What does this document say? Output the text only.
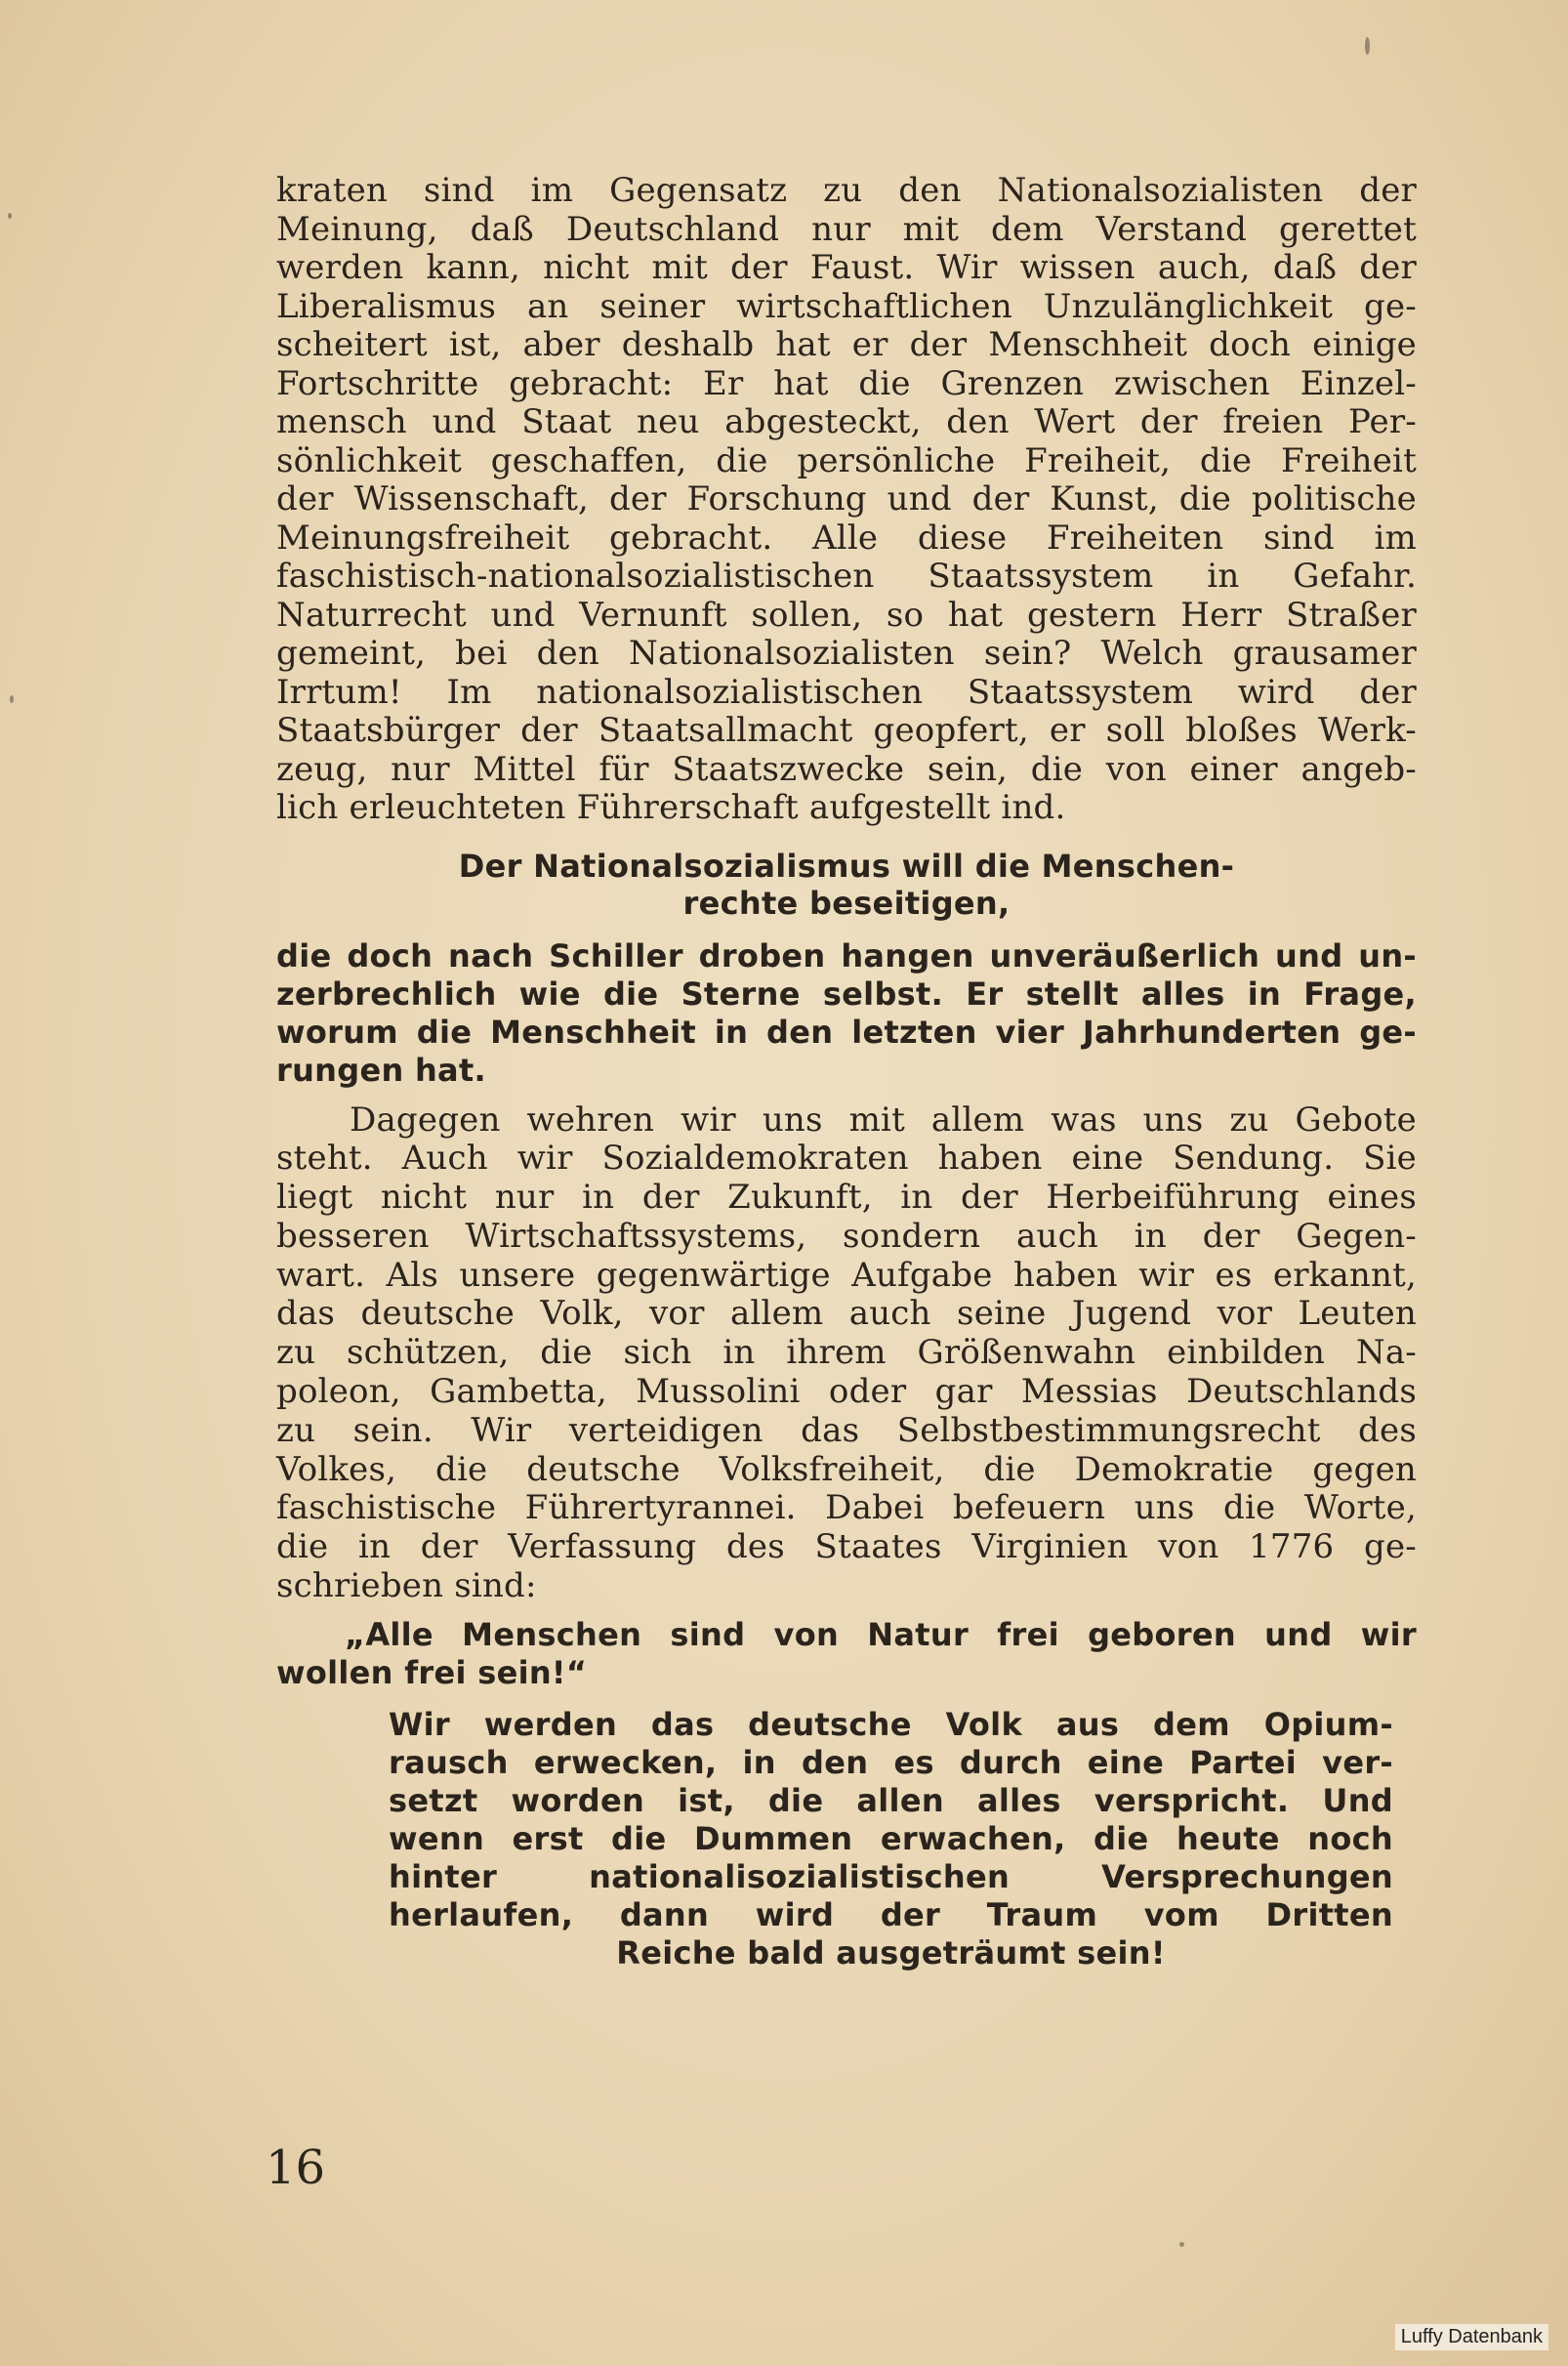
kraten sind im Gegensatz zu den Nationalsozialisten der
Meinung, daß Deutschland nur mit dem Verstand gerettet
werden kann, nicht mit der Faust. Wir wissen auch, daß der
Liberalismus an seiner wirtschaftlichen Unzulänglichkeit ge-
scheitert ist, aber deshalb hat er der Menschheit doch einige
Fortschritte gebracht: Er hat die Grenzen zwischen Einzel-
mensch und Staat neu abgesteckt, den Wert der freien Per-
sönlichkeit geschaffen, die persönliche Freiheit, die Freiheit
der Wissenschaft, der Forschung und der Kunst, die politische
Meinungsfreiheit gebracht. Alle diese Freiheiten sind im
faschistisch-nationalsozialistischen Staatssystem in Gefahr.
Naturrecht und Vernunft sollen, so hat gestern Herr Straßer
gemeint, bei den Nationalsozialisten sein? Welch grausamer
Irrtum! Im nationalsozialistischen Staatssystem wird der
Staatsbürger der Staatsallmacht geopfert, er soll bloßes Werk-
zeug, nur Mittel für Staatszwecke sein, die von einer angeb-
lich erleuchteten Führerschaft aufgestellt ind.

Der Nationalsozialismus will die Menschen-
rechte beseitigen,

die doch nach Schiller droben hangen unveräußerlich und un-
zerbrechlich wie die Sterne selbst. Er stellt alles in Frage,
worum die Menschheit in den letzten vier Jahrhunderten ge-
rungen hat.

Dagegen wehren wir uns mit allem was uns zu Gebote
steht. Auch wir Sozialdemokraten haben eine Sendung. Sie
liegt nicht nur in der Zukunft, in der Herbeiführung eines
besseren Wirtschaftssystems, sondern auch in der Gegen-
wart. Als unsere gegenwärtige Aufgabe haben wir es erkannt,
das deutsche Volk, vor allem auch seine Jugend vor Leuten
zu schützen, die sich in ihrem Größenwahn einbilden Na-
poleon, Gambetta, Mussolini oder gar Messias Deutschlands
zu sein. Wir verteidigen das Selbstbestimmungsrecht des
Volkes, die deutsche Volksfreiheit, die Demokratie gegen
faschistische Führertyrannei. Dabei befeuern uns die Worte,
die in der Verfassung des Staates Virginien von 1776 ge-
schrieben sind:

„Alle Menschen sind von Natur frei geboren und wir
wollen frei sein!“

Wir werden das deutsche Volk aus dem Opium-
rausch erwecken, in den es durch eine Partei ver-
setzt worden ist, die allen alles verspricht. Und
wenn erst die Dummen erwachen, die heute noch
hinter nationalisozialistischen Versprechungen
herlaufen, dann wird der Traum vom Dritten
Reiche bald ausgeträumt sein!

16
Luffy Datenbank
